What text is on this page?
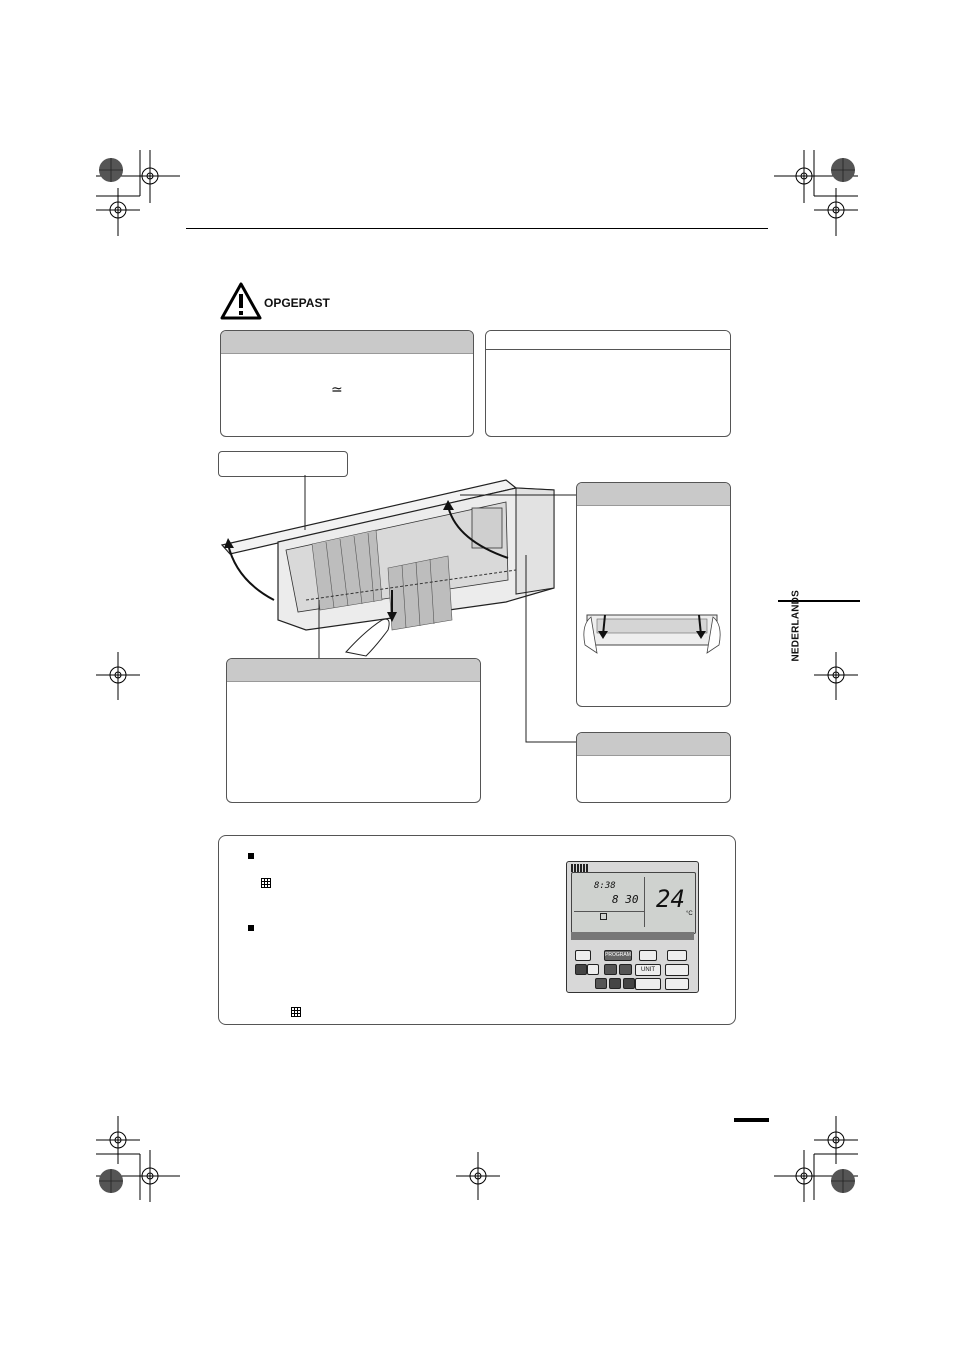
OPGEPAST
≃
NEDERLANDS
8:38
8 30 24
°C
PROGRAM
UNIT
